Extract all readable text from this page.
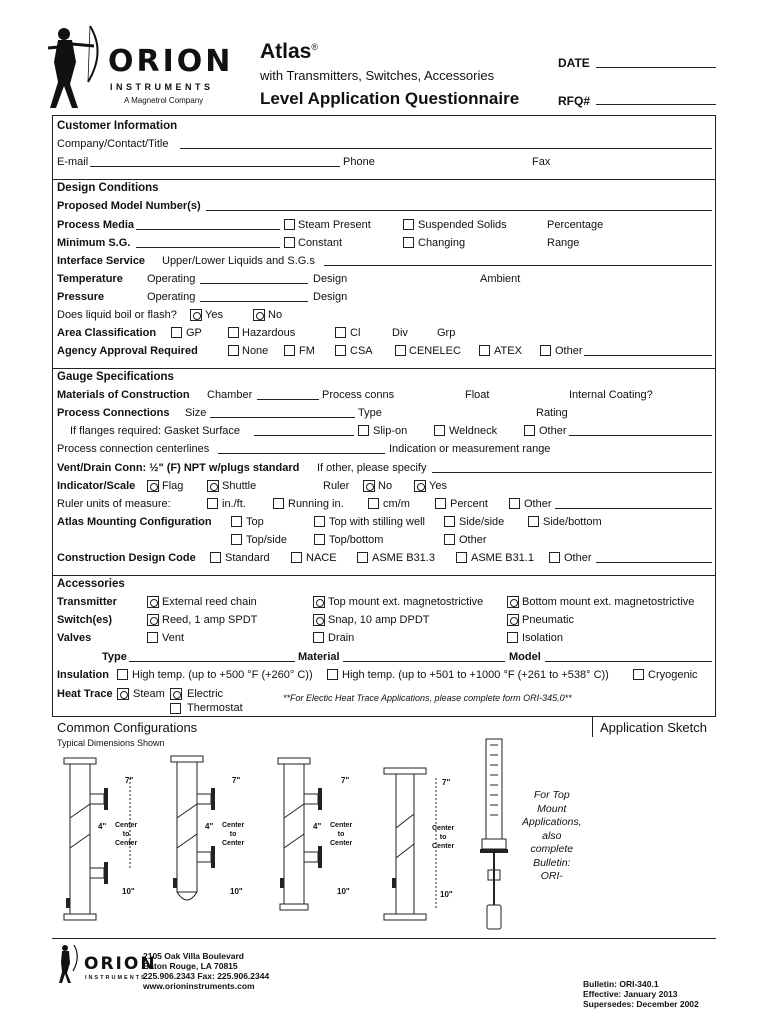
ORION
INSTRUMENTS
A Magnetrol Company
Atlas®
with Transmitters, Switches, Accessories
Level Application Questionnaire
DATE
RFQ#
Customer Information
Company/Contact/Title
E-mail	Phone	Fax
Design Conditions
Proposed Model Number(s)
Process Media	Steam Present	Suspended Solids	Percentage
Minimum S.G.	Constant	Changing	Range
Interface Service Upper/Lower Liquids and S.G.s
Temperature Operating	Design	Ambient
Pressure	Operating	Design
Does liquid boil or flash?	Yes	No
Area Classification	GP	Hazardous	Cl	Div	Grp
Agency Approval Required	None	FM	CSA	CENELEC	ATEX	Other
Gauge Specifications
Materials of Construction Chamber	Process conns	Float	Internal Coating?
Process Connections Size	Type	Rating
If flanges required: Gasket Surface	Slip-on	Weldneck	Other
Process connection centerlines	Indication or measurement range
Vent/Drain Conn: ½" (F) NPT w/plugs standard If other, please specify
Indicator/Scale Flag	Shuttle	Ruler	No	Yes
Ruler units of measure:	in./ft.	Running in.	cm/m	Percent	Other
Atlas Mounting Configuration	Top	Top with stilling well	Side/side	Side/bottom
Top/side	Top/bottom	Other
Construction Design Code	Standard	NACE	ASME B31.3	ASME B31.1	Other
Accessories
Transmitter	External reed chain	Top mount ext. magnetostrictive	Bottom mount ext. magnetostrictive
Switch(es)	Reed, 1 amp SPDT	Snap, 10 amp DPDT	Pneumatic
Valves	Vent	Drain	Isolation
Type	Material	Model
Insulation High temp. (up to +500 °F (+260° C))	High temp. (up to +501 to +1000 °F (+261 to +538° C))	Cryogenic
Heat Trace Steam Electric
Thermostat
**For Electic Heat Trace Applications, please complete form ORI-345.0**
Common Configurations
Typical Dimensions Shown
Application Sketch
7"
4" Center
to
Center
10"
7"
4" Center
to
Center
10"
7"
4" Center
to
Center
10"
7"
Center
to
Center
10"
For Top
Mount
Applications,
also
complete
Bulletin:
ORI-
ORION
INSTRUMENTS
2105 Oak Villa Boulevard
Baton Rouge, LA 70815
225.906.2343 Fax: 225.906.2344
www.orioninstruments.com	Bulletin: ORI-340.1
Effective: January 2013
Supersedes: December 2002
